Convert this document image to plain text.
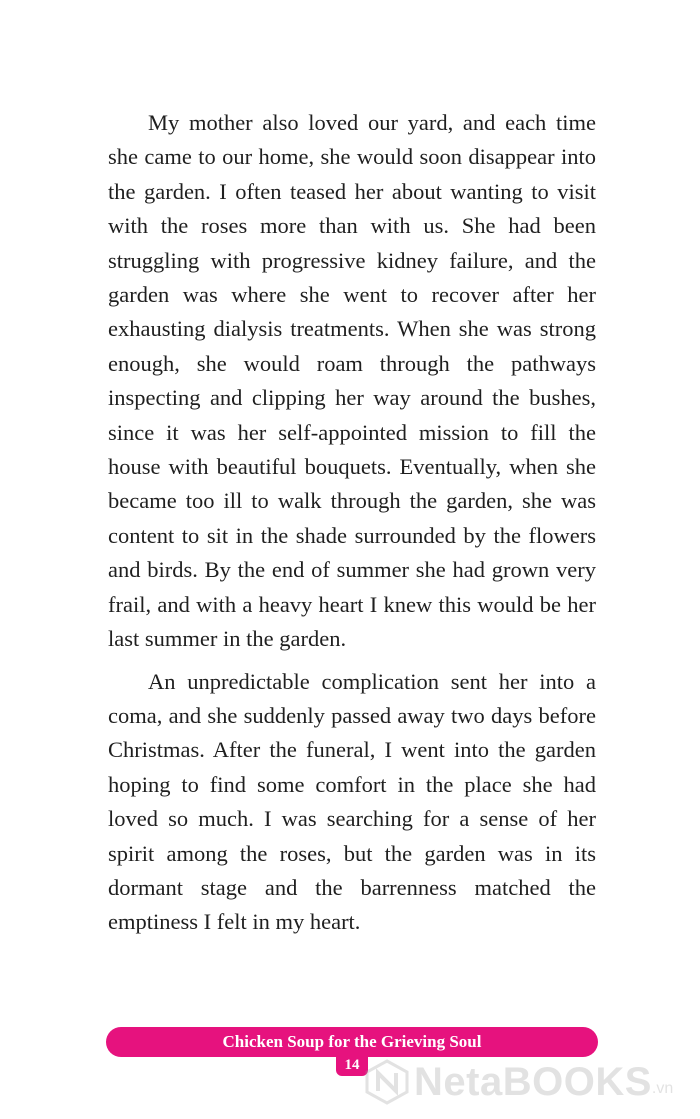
My mother also loved our yard, and each time she came to our home, she would soon disappear into the garden. I often teased her about wanting to visit with the roses more than with us. She had been struggling with progressive kidney failure, and the garden was where she went to recover after her exhausting dialysis treatments. When she was strong enough, she would roam through the pathways inspecting and clipping her way around the bushes, since it was her self-appointed mission to fill the house with beautiful bouquets. Eventually, when she became too ill to walk through the garden, she was content to sit in the shade surrounded by the flowers and birds. By the end of summer she had grown very frail, and with a heavy heart I knew this would be her last summer in the garden.

An unpredictable complication sent her into a coma, and she suddenly passed away two days before Christmas. After the funeral, I went into the garden hoping to find some comfort in the place she had loved so much. I was searching for a sense of her spirit among the roses, but the garden was in its dormant stage and the barrenness matched the emptiness I felt in my heart.

Chicken Soup for the Grieving Soul
14 NetaBOOKS .vn
